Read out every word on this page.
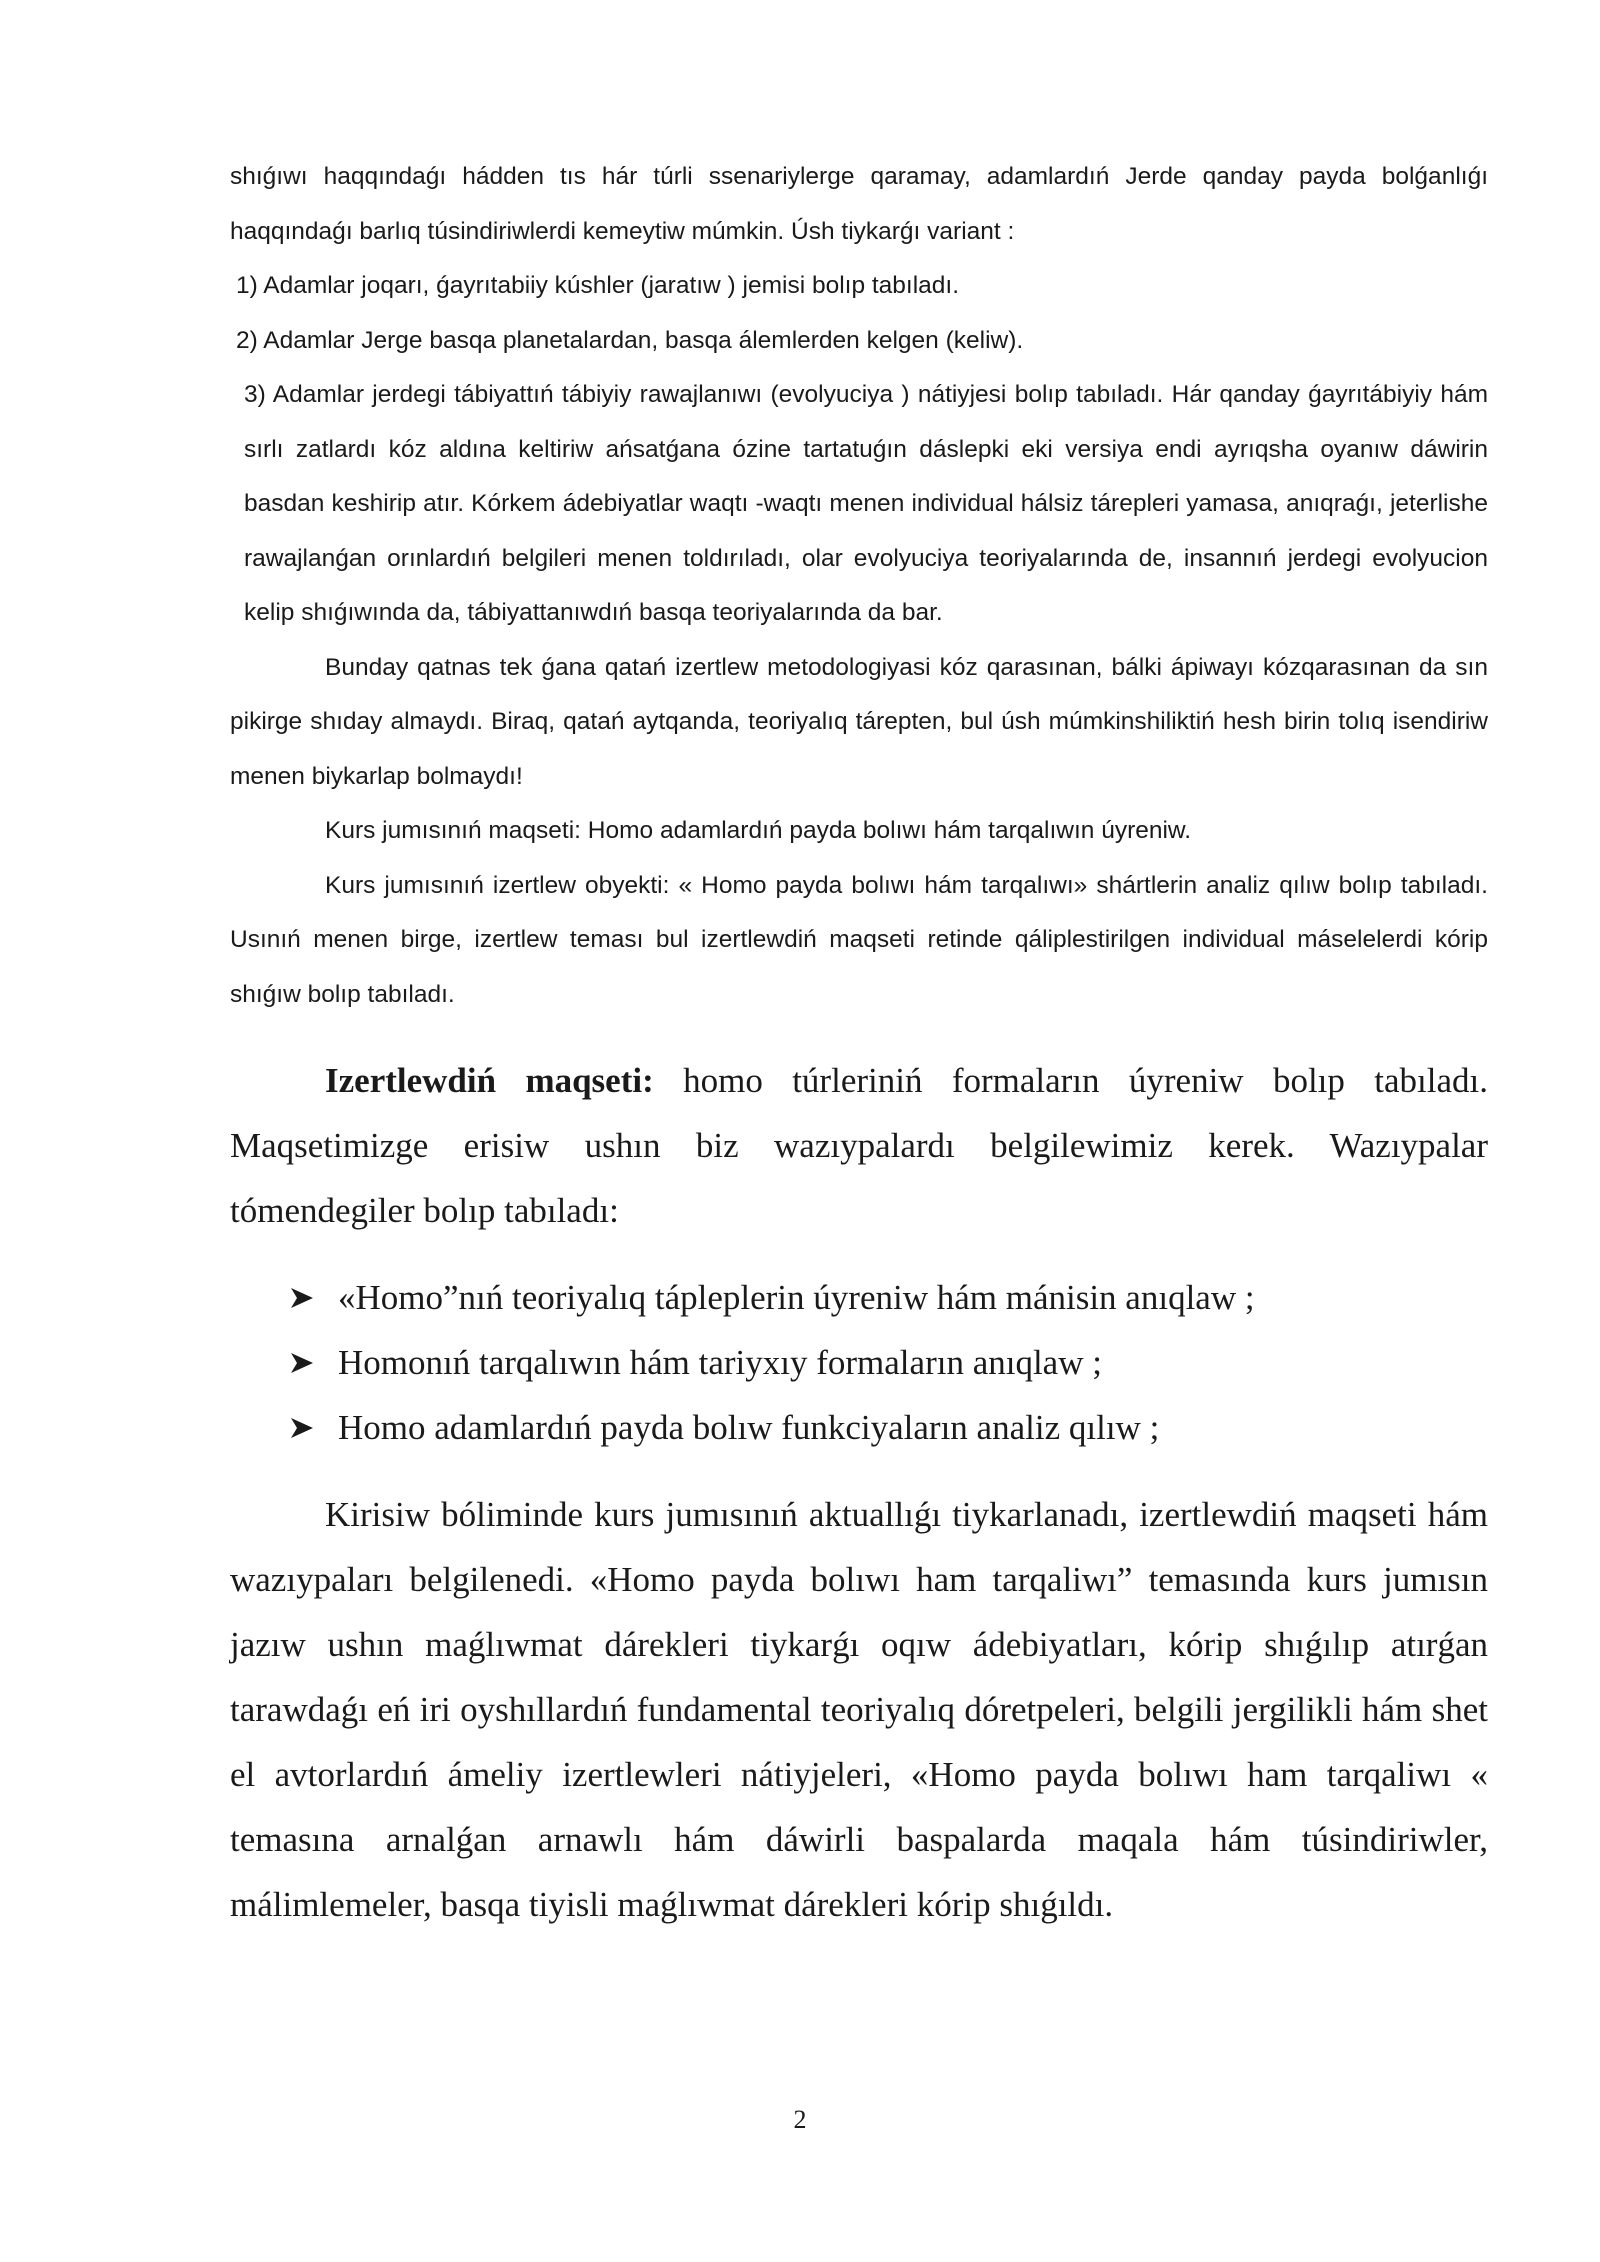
shıǵıwı haqqındaǵı hádden tıs hár túrli ssenariylerge qaramay, adamlardıń Jerde qanday payda bolǵanlıǵı haqqındaǵı barlıq túsindiriwlerdi kemeytiw múmkin. Úsh tiykarǵı variant :

1) Adamlar joqarı, ǵayrıtabiiy kúshler (jaratıw ) jemisi bolıp tabıladı.

2) Adamlar Jerge basqa planetalardan, basqa álemlerden kelgen (keliw).

3) Adamlar jerdegi tábiyattıń tábiyiy rawajlanıwı (evolyuciya ) nátiyjesi bolıp tabıladı. Hár qanday ǵayrıtábiyiy hám sırlı zatlardı kóz aldına keltiriw ańsatǵana ózine tartatuǵın dáslepki eki versiya endi ayrıqsha oyanıw dáwirin basdan keshirip atır. Kórkem ádebiyatlar waqtı -waqtı menen individual hálsiz tárepleri yamasa, anıqraǵı, jeterlishe rawajlanǵan orınlardıń belgileri menen toldırıladı, olar evolyuciya teoriyalarında de, insannıń jerdegi evolyucion kelip shıǵıwında da, tábiyattanıwdıń basqa teoriyalarında da bar.

Bunday qatnas tek ǵana qatań izertlew metodologiyasi kóz qarasınan, bálki ápiwayı kózqarasınan da sın pikirge shıday almaydı. Biraq, qatań aytqanda, teoriyalıq tárepten, bul úsh múmkinshiliktiń hesh birin tolıq isendiriw menen biykarlap bolmaydı!

Kurs jumısınıń maqseti: Homo adamlardıń payda bolıwı hám tarqalıwın úyreniw.

Kurs jumısınıń izertlew obyekti: « Homo payda bolıwı hám tarqalıwı» shártlerin analiz qılıw bolıp tabıladı. Usınıń menen birge, izertlew teması bul izertlewdiń maqseti retinde qáliplestirilgen individual máselelerdi kórip shıǵıw bolıp tabıladı.

Izertlewdiń maqseti: homo túrleriniń formaların úyreniw bolıp tabıladı. Maqsetimizge erisiw ushın biz wazıypalardı belgilewimiz kerek. Wazıypalar tómendegiler bolıp tabıladı:

«Homo”nıń teoriyalıq tápleplerin úyreniw hám mánisin anıqlaw ;
Homonıń tarqalıwın hám tariyxıy formaların anıqlaw ;
Homo adamlardıń payda bolıw funkciyaların analiz qılıw ;

Kirisiw bóliminde kurs jumısınıń aktuallıǵı tiykarlanadı, izertlewdiń maqseti hám wazıypaları belgilenedi. «Homo payda bolıwı ham tarqaliwı” temasında kurs jumısın jazıw ushın maǵlıwmat dárekleri tiykarǵı oqıw ádebiyatları, kórip shıǵılıp atırǵan tarawdaǵı eń iri oyshıllardıń fundamental teoriyalıq dóretpeleri, belgili jergilikli hám shet el avtorlardıń ámeliy izertlewleri nátiyjeleri, «Homo payda bolıwı ham tarqaliwı « temasına arnalǵan arnawlı hám dáwirli baspalarda maqala hám túsindiriwler, málimlemeler, basqa tiyisli maǵlıwmat dárekleri kórip shıǵıldı.

2
